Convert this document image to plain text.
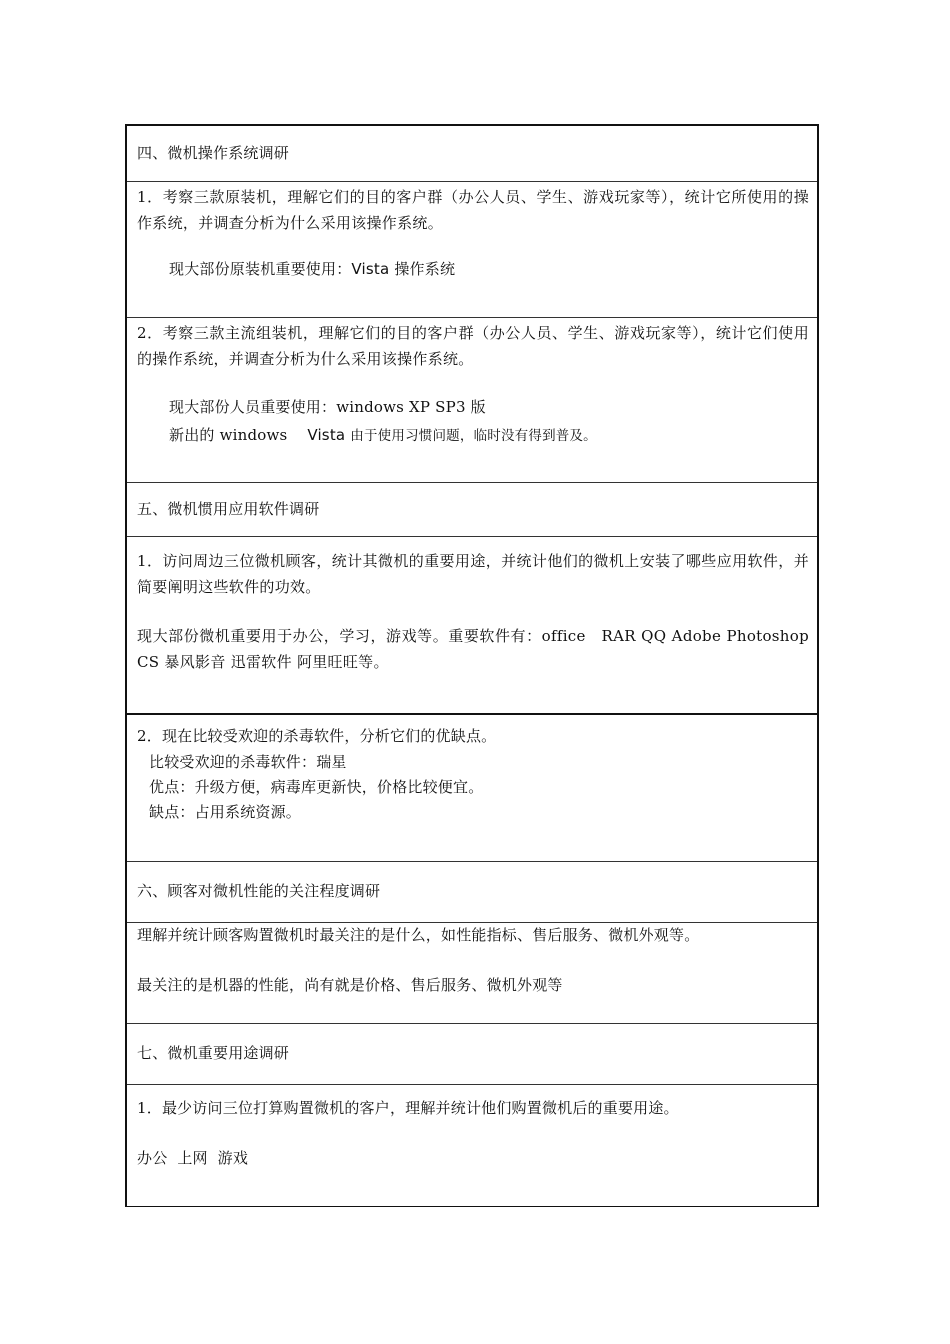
四、微机操作系统调研
1．考察三款原装机，理解它们的目的客户群（办公人员、学生、游戏玩家等），统计它所使用的操作系统，并调查分析为什么采用该操作系统。
现大部份原装机重要使用：Vista 操作系统
2．考察三款主流组装机，理解它们的目的客户群（办公人员、学生、游戏玩家等），统计它们使用的操作系统，并调查分析为什么采用该操作系统。
现大部份人员重要使用：windows XP SP3 版
新出的 windows Vista 由于使用习惯问题，临时没有得到普及。
五、微机惯用应用软件调研
1．访问周边三位微机顾客，统计其微机的重要用途，并统计他们的微机上安装了哪些应用软件，并简要阐明这些软件的功效。
现大部份微机重要用于办公，学习，游戏等。重要软件有：office　RAR QQ Adobe Photoshop CS 暴风影音 迅雷软件 阿里旺旺等。
2．现在比较受欢迎的杀毒软件，分析它们的优缺点。
比较受欢迎的杀毒软件：瑞星
优点：升级方便，病毒库更新快，价格比较便宜。
缺点：占用系统资源。
六、顾客对微机性能的关注程度调研
理解并统计顾客购置微机时最关注的是什么，如性能指标、售后服务、微机外观等。
最关注的是机器的性能，尚有就是价格、售后服务、微机外观等
七、微机重要用途调研
1．最少访问三位打算购置微机的客户，理解并统计他们购置微机后的重要用途。
办公  上网  游戏
